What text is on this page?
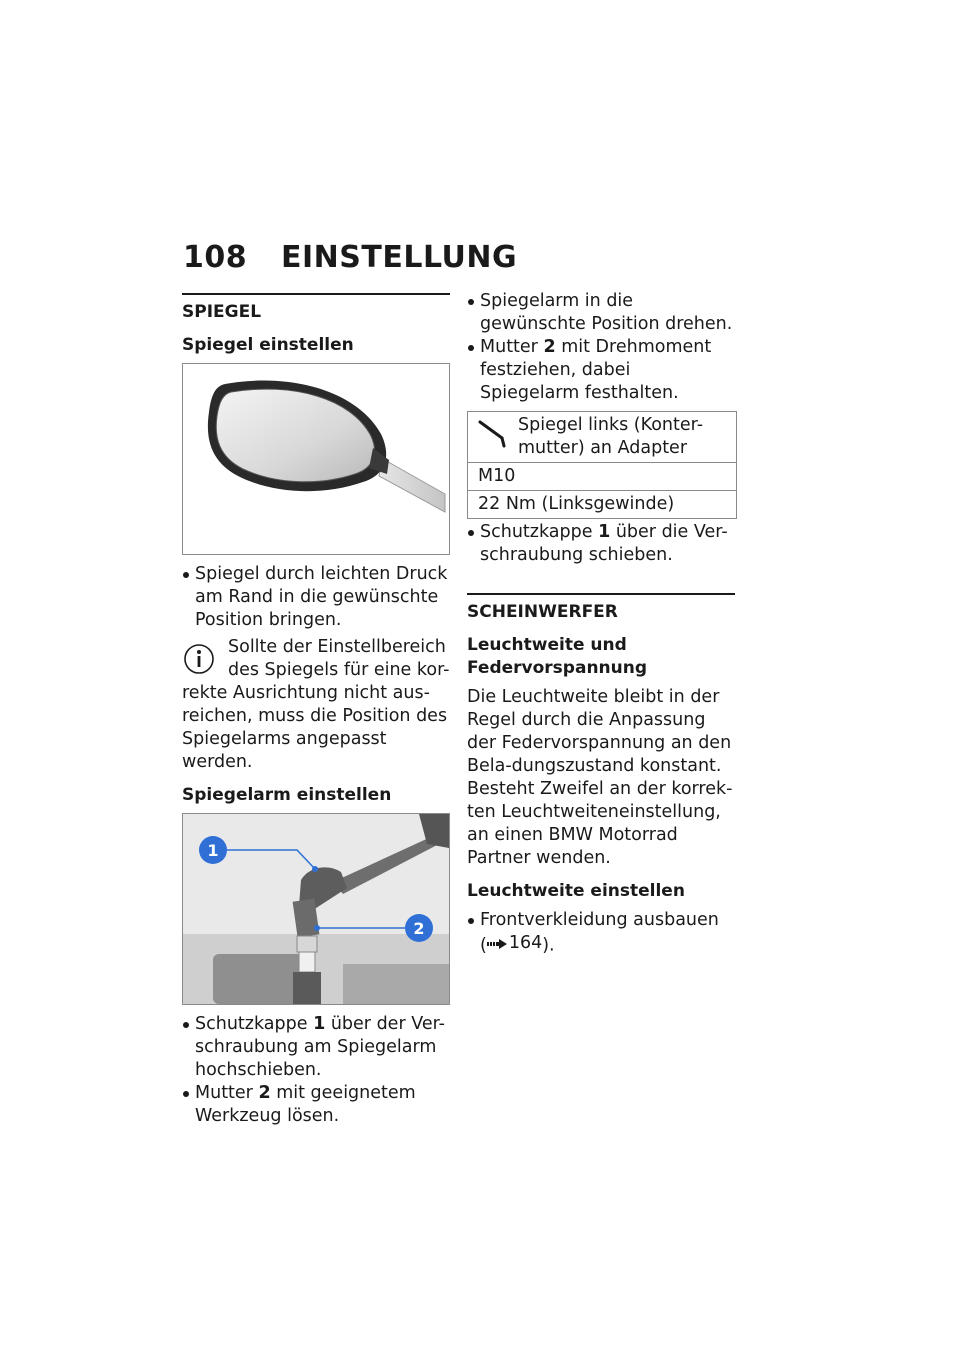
108 EINSTELLUNG
SPIEGEL
Spiegel einstellen
Spiegel durch leichten Druck am Rand in die gewünschte Position bringen.

Sollte der Einstellbereich

des Spiegels für eine kor-

rekte Ausrichtung nicht aus-reichen, muss die Position des Spiegelarms angepasst werden.

Spiegelarm einstellen
1
2
Schutzkappe 1 über der Ver-schraubung am Spiegelarm hochschieben.
Mutter 2 mit geeignetem Werkzeug lösen.
Spiegelarm in die gewünschte Position drehen.
Mutter 2 mit Drehmoment festziehen, dabei Spiegelarm festhalten.
Spiegel links (Konter-mutter) an Adapter

M10
22 Nm (Linksgewinde)
Schutzkappe 1 über die Ver-schraubung schieben.
SCHEINWERFER
Leuchtweite und Federvorspannung

Die Leuchtweite bleibt in der Regel durch die Anpassung der Federvorspannung an den Bela-dungszustand konstant.

Besteht Zweifel an der korrek-ten Leuchtweiteneinstellung, an einen BMW Motorrad Partner wenden.

Leuchtweite einstellen
Frontverkleidung ausbauen
( 164 ).
